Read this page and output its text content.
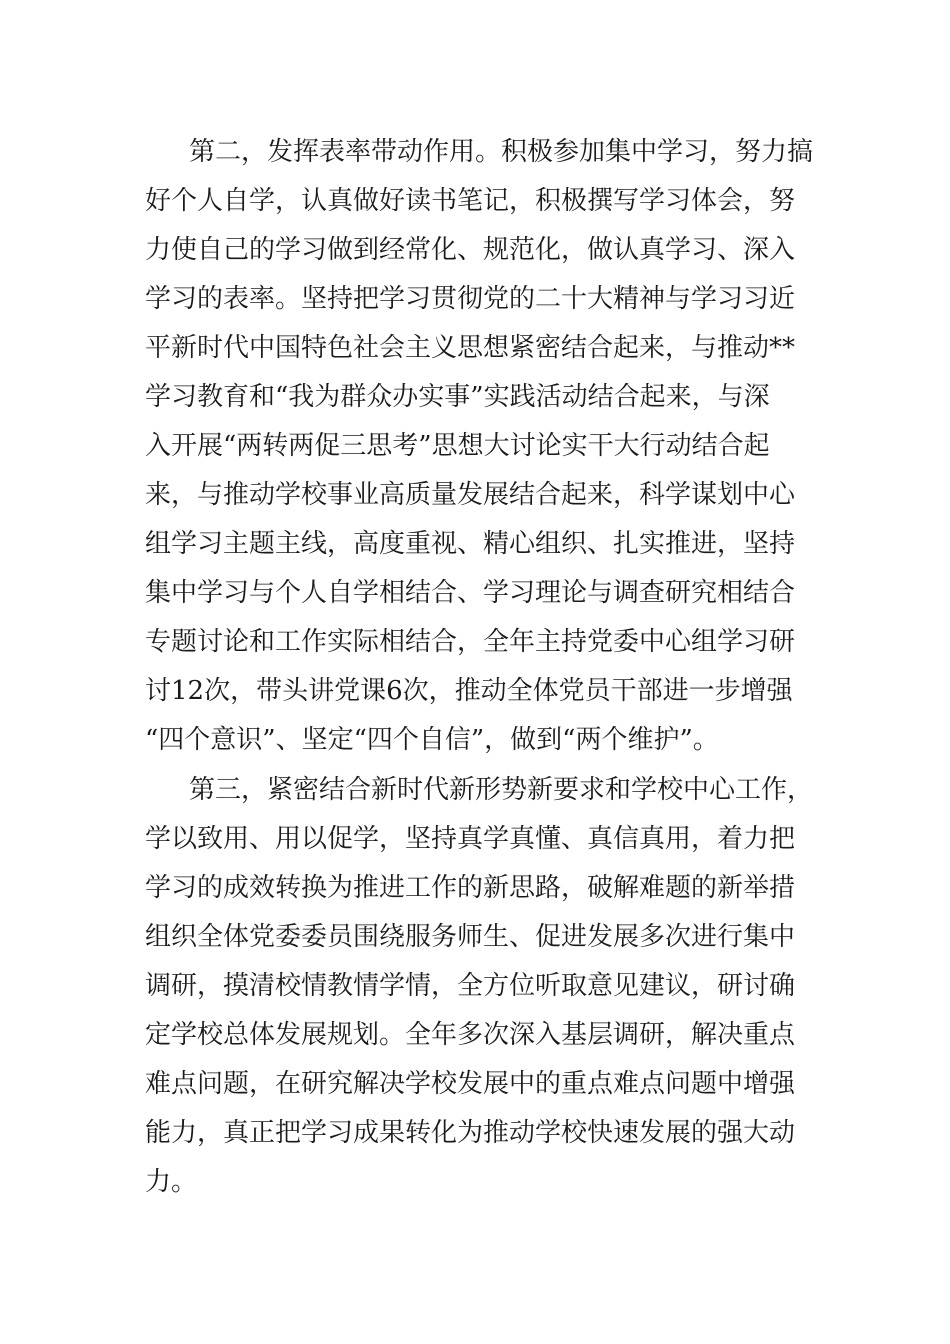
第二，发挥表率带动作用。积极参加集中学习，努力搞
好个人自学，认真做好读书笔记，积极撰写学习体会，努
力使自己的学习做到经常化、规范化，做认真学习、深入
学习的表率。坚持把学习贯彻党的二十大精神与学习习近
平新时代中国特色社会主义思想紧密结合起来，与推动**
学习教育和“我为群众办实事”实践活动结合起来，与深
入开展“两转两促三思考”思想大讨论实干大行动结合起
来，与推动学校事业高质量发展结合起来，科学谋划中心
组学习主题主线，高度重视、精心组织、扎实推进，坚持
集中学习与个人自学相结合、学习理论与调查研究相结合
专题讨论和工作实际相结合，全年主持党委中心组学习研
讨12次，带头讲党课6次，推动全体党员干部进一步增强
“四个意识”、坚定“四个自信”，做到“两个维护”。
第三，紧密结合新时代新形势新要求和学校中心工作，
学以致用、用以促学，坚持真学真懂、真信真用，着力把
学习的成效转换为推进工作的新思路，破解难题的新举措
组织全体党委委员围绕服务师生、促进发展多次进行集中
调研，摸清校情教情学情，全方位听取意见建议，研讨确
定学校总体发展规划。全年多次深入基层调研，解决重点
难点问题，在研究解决学校发展中的重点难点问题中增强
能力，真正把学习成果转化为推动学校快速发展的强大动
力。
